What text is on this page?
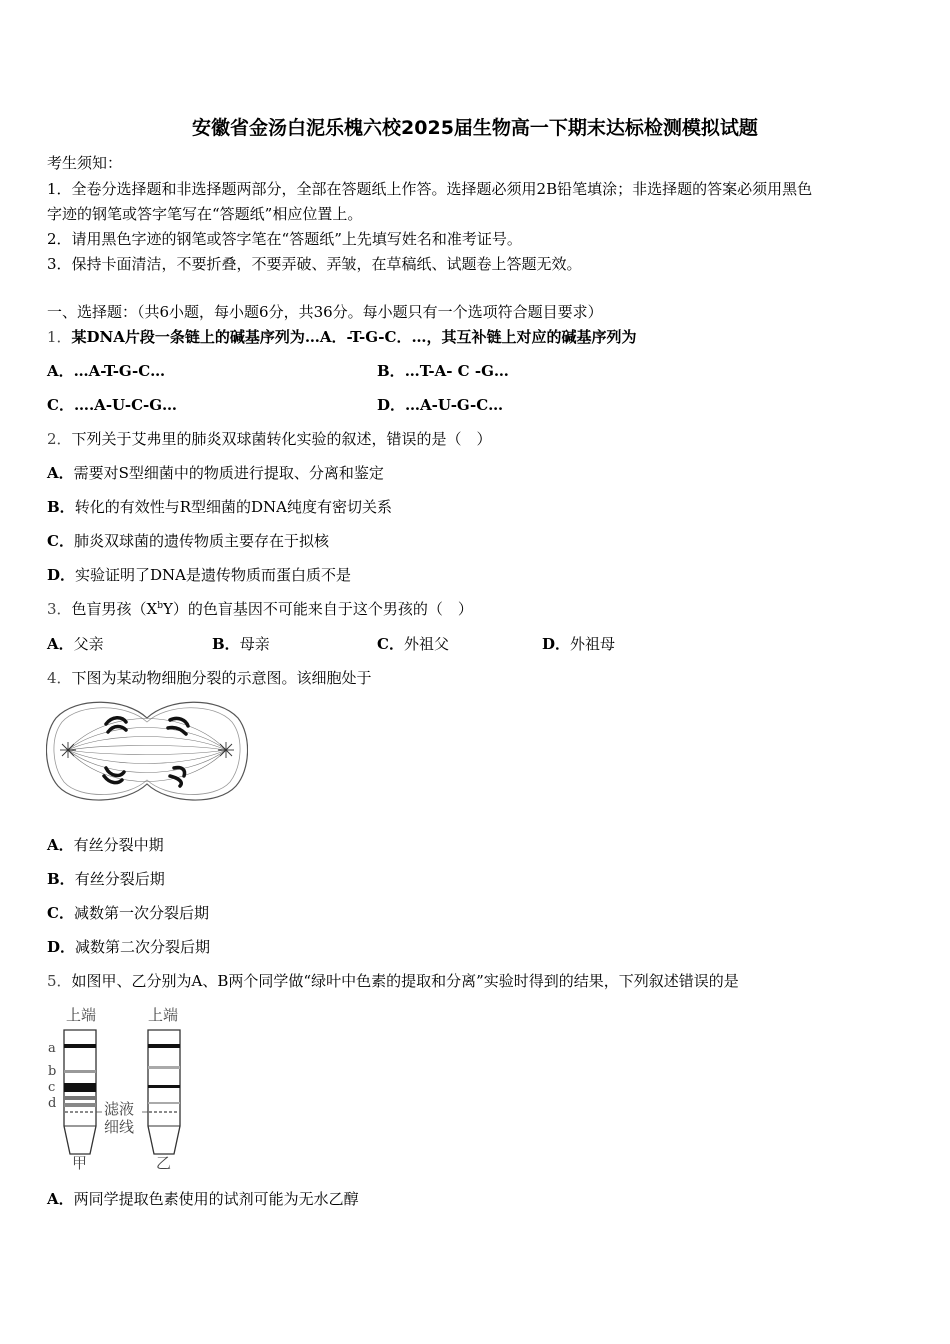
安徽省金汤白泥乐槐六校2025届生物高一下期末达标检测模拟试题
考生须知：
1．全卷分选择题和非选择题两部分，全部在答题纸上作答。选择题必须用2B铅笔填涂；非选择题的答案必须用黑色
字迹的钢笔或答字笔写在“答题纸”相应位置上。
2．请用黑色字迹的钢笔或答字笔在“答题纸”上先填写姓名和准考证号。
3．保持卡面清洁，不要折叠，不要弄破、弄皱，在草稿纸、试题卷上答题无效。
一、选择题：（共6小题，每小题6分，共36分。每小题只有一个选项符合题目要求）
1．某DNA片段一条链上的碱基序列为…A．-T-G-C．…，其互补链上对应的碱基序列为
A．…A-T-G-C…	B．…T-A- C -G…
C．….A-U-C-G…	D．…A-U-G-C…
2．下列关于艾弗里的肺炎双球菌转化实验的叙述，错误的是（　）
A．需要对S型细菌中的物质进行提取、分离和鉴定
B．转化的有效性与R型细菌的DNA纯度有密切关系
C．肺炎双球菌的遗传物质主要存在于拟核
D．实验证明了DNA是遗传物质而蛋白质不是
3．色盲男孩$(X^bY)$的色盲基因不可能来自于这个男孩的（　）
A．父亲	B．母亲	C．外祖父	D．外祖母
4．下图为某动物细胞分裂的示意图。该细胞处于
A．有丝分裂中期
B．有丝分裂后期
C．减数第一次分裂后期
D．减数第二次分裂后期
5．如图甲、乙分别为A、B两个同学做“绿叶中色素的提取和分离”实验时得到的结果，下列叙述错误的是
上端	上端
a
b
c
d	滤液
细线
甲	乙
A．两同学提取色素使用的试剂可能为无水乙醇
